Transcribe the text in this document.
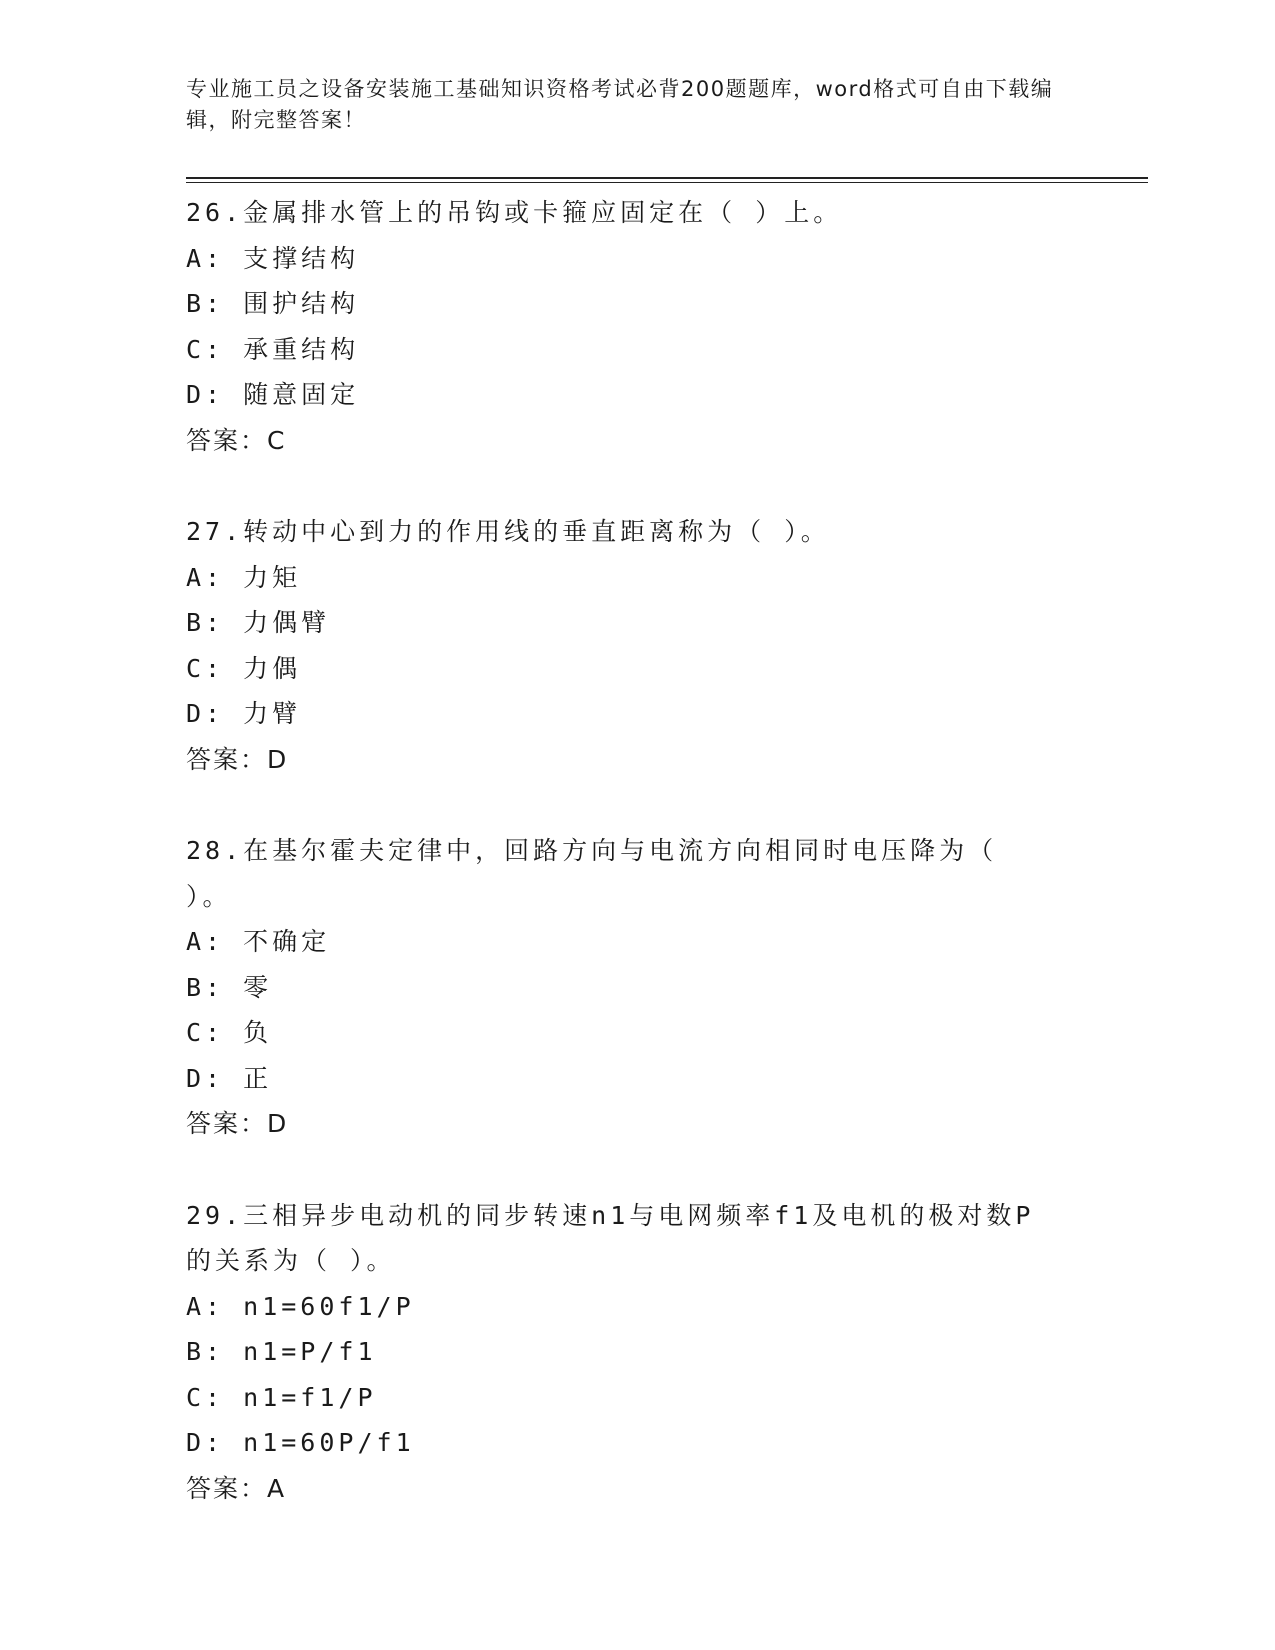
专业施工员之设备安装施工基础知识资格考试必背200题题库，word格式可自由下载编辑，附完整答案！
26.金属排水管上的吊钩或卡箍应固定在（ ）上。
A: 支撑结构
B: 围护结构
C: 承重结构
D: 随意固定
答案：C
27.转动中心到力的作用线的垂直距离称为（ ）。
A: 力矩
B: 力偶臂
C: 力偶
D: 力臂
答案：D
28.在基尔霍夫定律中，回路方向与电流方向相同时电压降为（ ）。
A: 不确定
B: 零
C: 负
D: 正
答案：D
29.三相异步电动机的同步转速n1与电网频率f1及电机的极对数P的关系为（ ）。
A: n1=60f1/P
B: n1=P/f1
C: n1=f1/P
D: n1=60P/f1
答案：A
